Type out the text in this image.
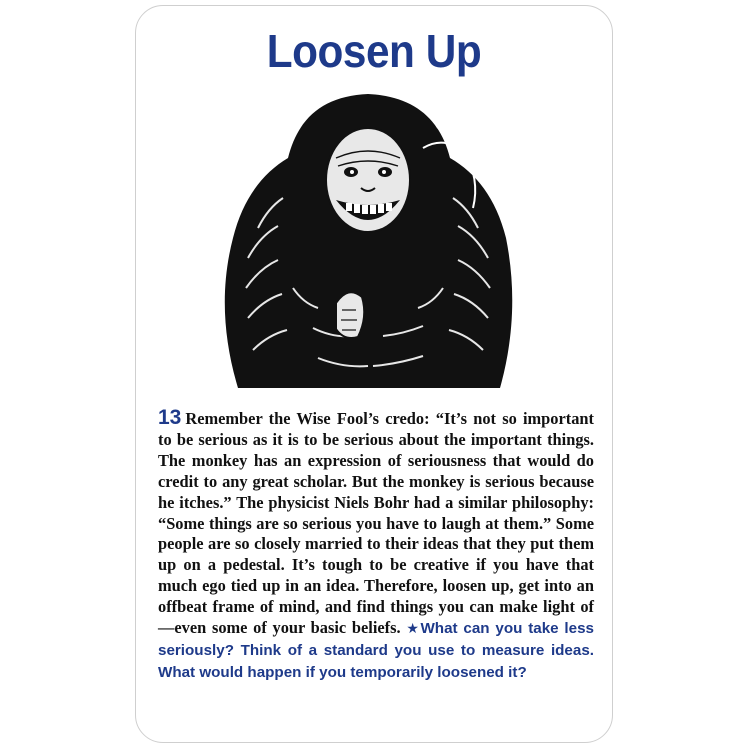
Loosen Up
13 Remember the Wise Fool’s credo: “It’s not so important to be serious as it is to be serious about the important things. The monkey has an expression of seriousness that would do credit to any great scholar. But the monkey is serious because he itches.” The physicist Niels Bohr had a similar philosophy: “Some things are so serious you have to laugh at them.” Some people are so closely married to their ideas that they put them up on a pedestal. It’s tough to be creative if you have that much ego tied up in an idea. Therefore, loosen up, get into an offbeat frame of mind, and find things you can make light of—even some of your basic beliefs. ★What can you take less seriously? Think of a standard you use to measure ideas. What would happen if you temporarily loosened it?
